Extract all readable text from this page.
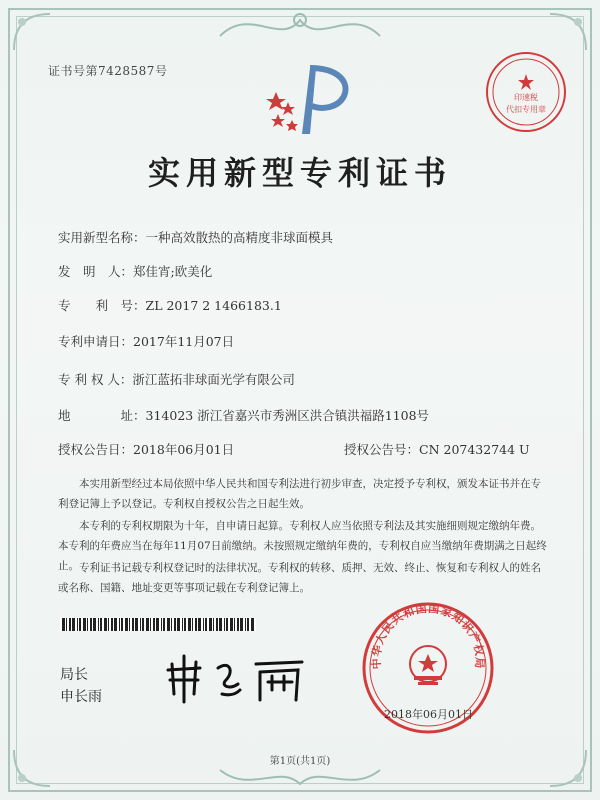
证书号第7428587号
印速税
代扣专用章
实用新型专利证书
实用新型名称：一种高效散热的高精度非球面模具
发　明　人：郑佳宵;欧美化
专　　利　号：ZL 2017 2 1466183.1
专利申请日：2017年11月07日
专 利 权 人：浙江蓝拓非球面光学有限公司
地　　　　址：314023 浙江省嘉兴市秀洲区洪合镇洪福路1108号
授权公告日：2018年06月01日	授权公告号：CN 207432744 U
本实用新型经过本局依照中华人民共和国专利法进行初步审查，决定授予专利权，颁发本证书并在专利登记簿上予以登记。专利权自授权公告之日起生效。
本专利的专利权期限为十年，自申请日起算。专利权人应当依照专利法及其实施细则规定缴纳年费。本专利的年费应当在每年11月07日前缴纳。未按照规定缴纳年费的，专利权自应当缴纳年费期满之日起终止。 专利证书记载专利权登记时的法律状况。专利权的转移、质押、无效、终止、恢复和专利权人的姓名或名称、国籍、地址变更等事项记载在专利登记簿上。
局长
申长雨
中华人民共和国国家知识产权局
2018年06月01日
第1页(共1页)
